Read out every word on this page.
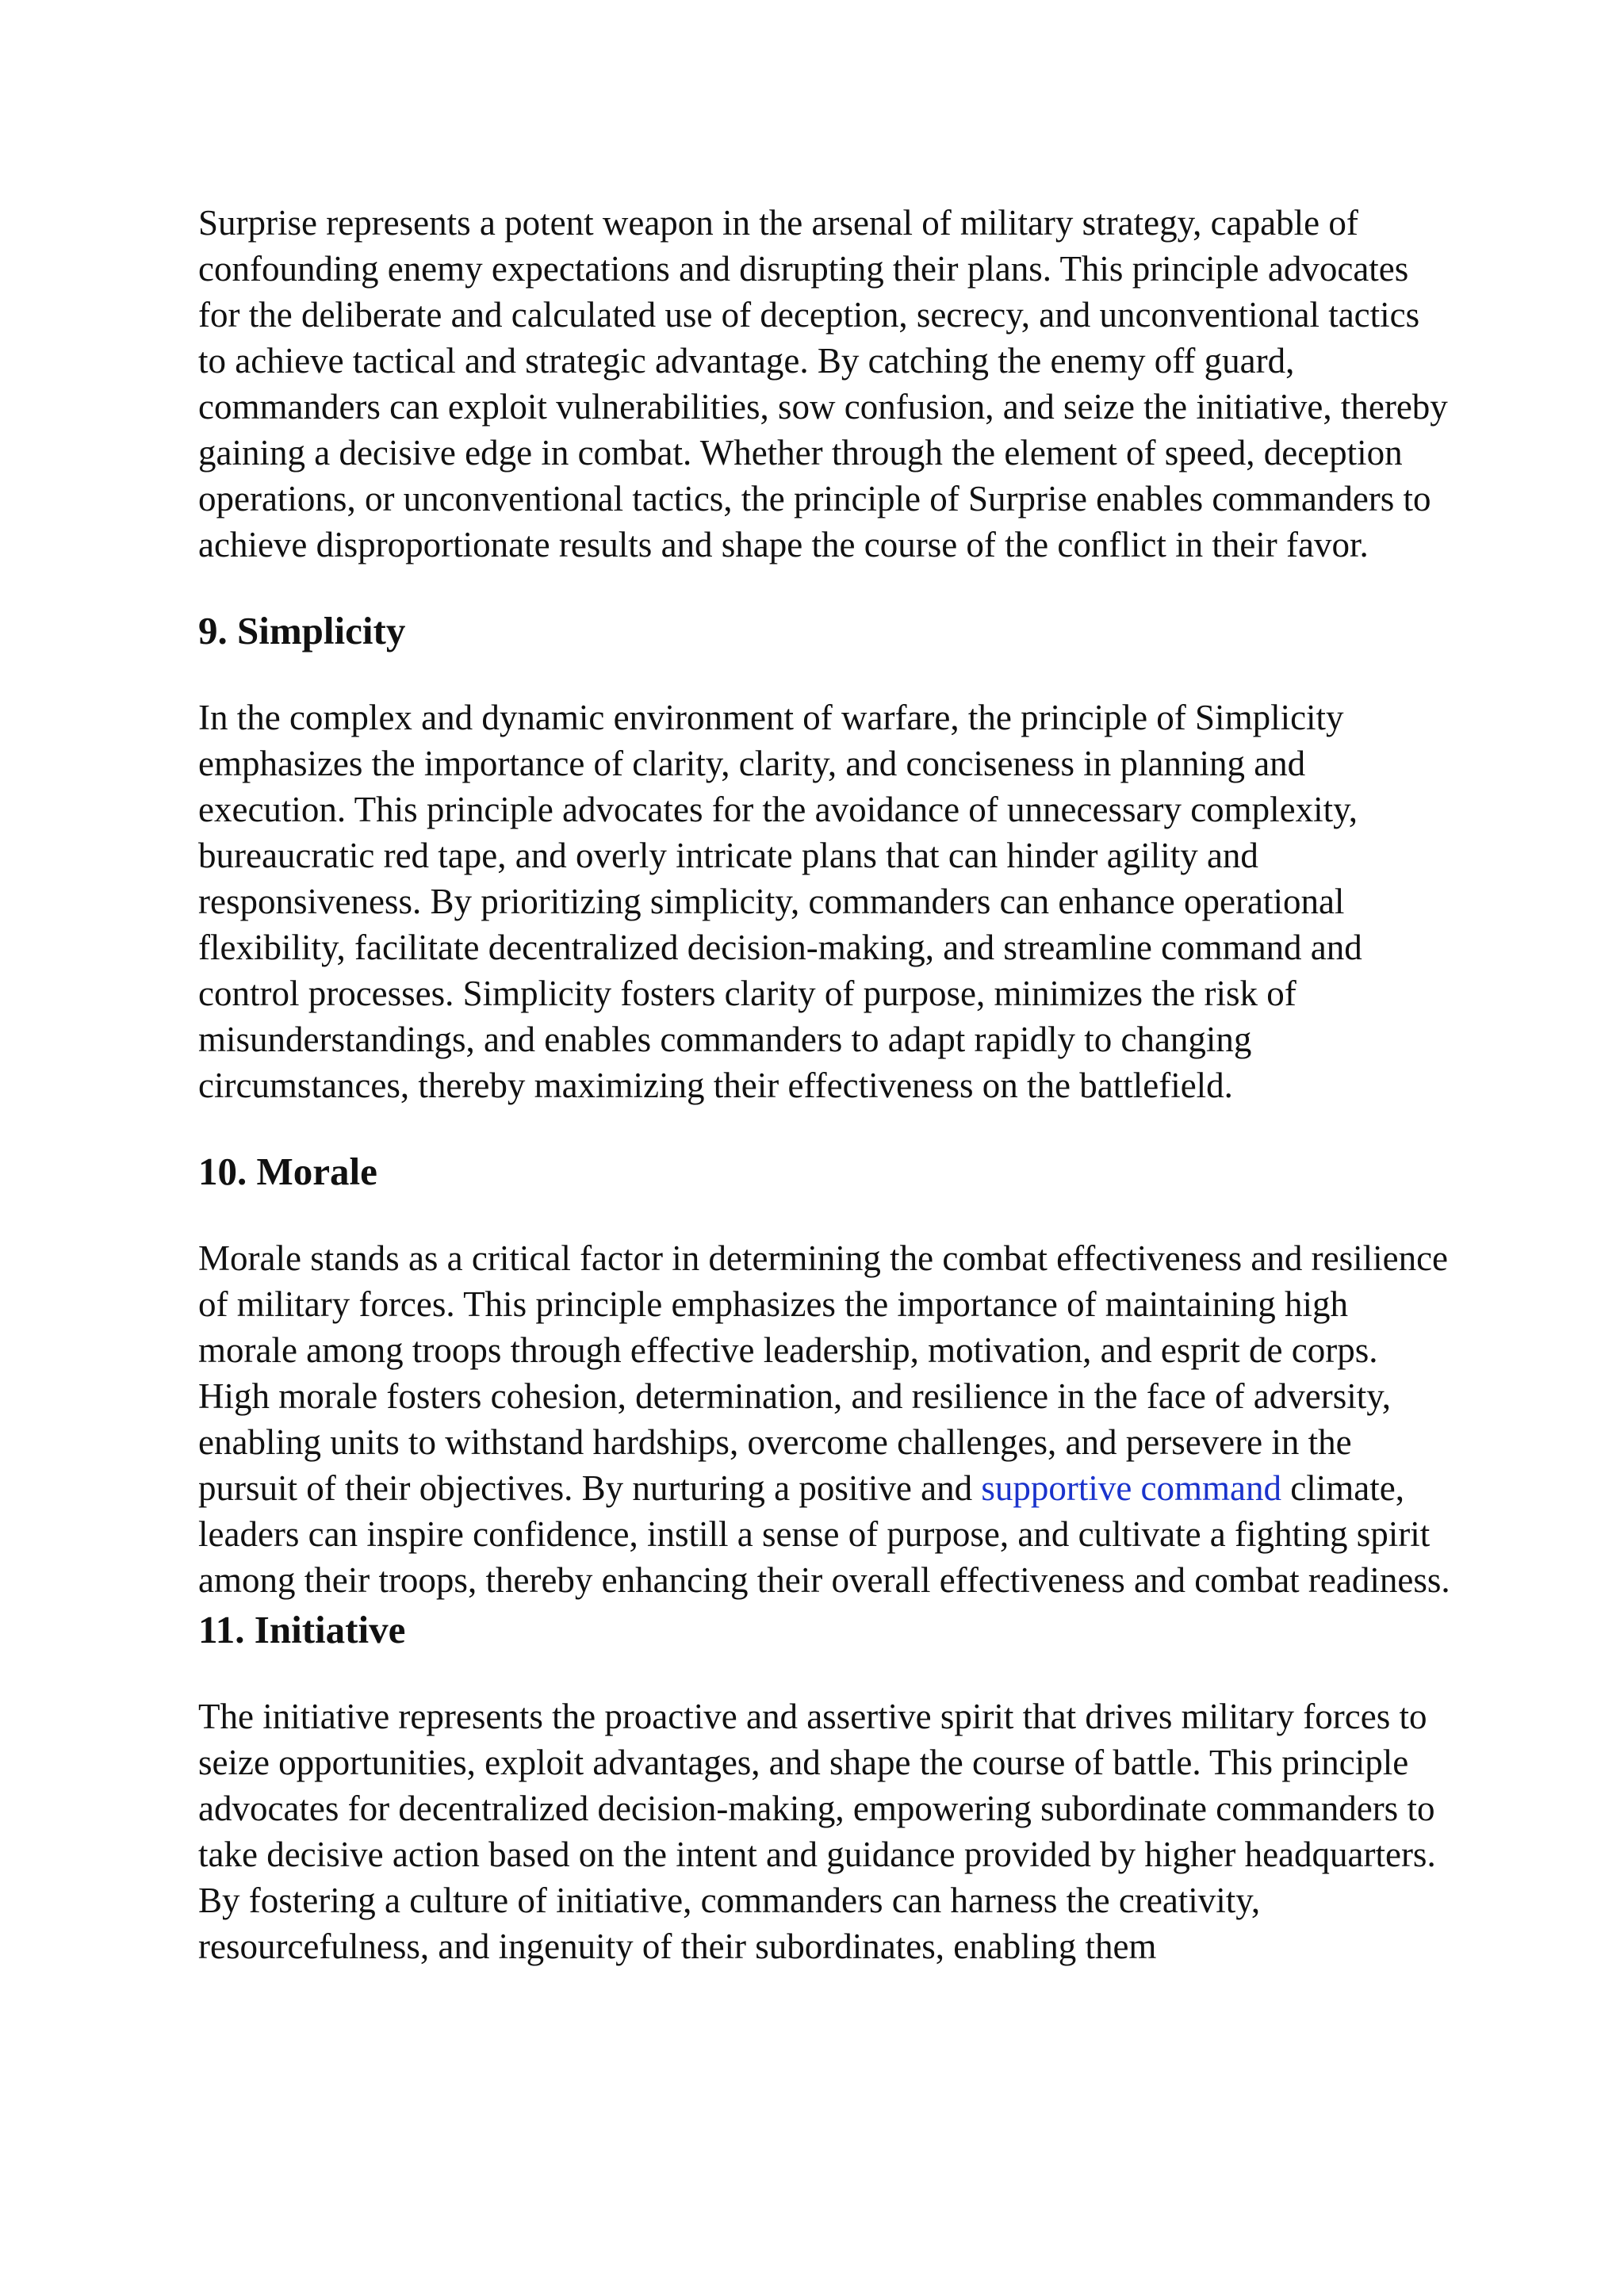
Surprise represents a potent weapon in the arsenal of military strategy, capable of confounding enemy expectations and disrupting their plans. This principle advocates for the deliberate and calculated use of deception, secrecy, and unconventional tactics to achieve tactical and strategic advantage. By catching the enemy off guard, commanders can exploit vulnerabilities, sow confusion, and seize the initiative, thereby gaining a decisive edge in combat. Whether through the element of speed, deception operations, or unconventional tactics, the principle of Surprise enables commanders to achieve disproportionate results and shape the course of the conflict in their favor.

9. Simplicity

In the complex and dynamic environment of warfare, the principle of Simplicity emphasizes the importance of clarity, clarity, and conciseness in planning and execution. This principle advocates for the avoidance of unnecessary complexity, bureaucratic red tape, and overly intricate plans that can hinder agility and responsiveness. By prioritizing simplicity, commanders can enhance operational flexibility, facilitate decentralized decision-making, and streamline command and control processes. Simplicity fosters clarity of purpose, minimizes the risk of misunderstandings, and enables commanders to adapt rapidly to changing circumstances, thereby maximizing their effectiveness on the battlefield.

10. Morale

Morale stands as a critical factor in determining the combat effectiveness and resilience of military forces. This principle emphasizes the importance of maintaining high morale among troops through effective leadership, motivation, and esprit de corps. High morale fosters cohesion, determination, and resilience in the face of adversity, enabling units to withstand hardships, overcome challenges, and persevere in the pursuit of their objectives. By nurturing a positive and supportive command climate, leaders can inspire confidence, instill a sense of purpose, and cultivate a fighting spirit among their troops, thereby enhancing their overall effectiveness and combat readiness.

11. Initiative

The initiative represents the proactive and assertive spirit that drives military forces to seize opportunities, exploit advantages, and shape the course of battle. This principle advocates for decentralized decision-making, empowering subordinate commanders to take decisive action based on the intent and guidance provided by higher headquarters. By fostering a culture of initiative, commanders can harness the creativity, resourcefulness, and ingenuity of their subordinates, enabling them
